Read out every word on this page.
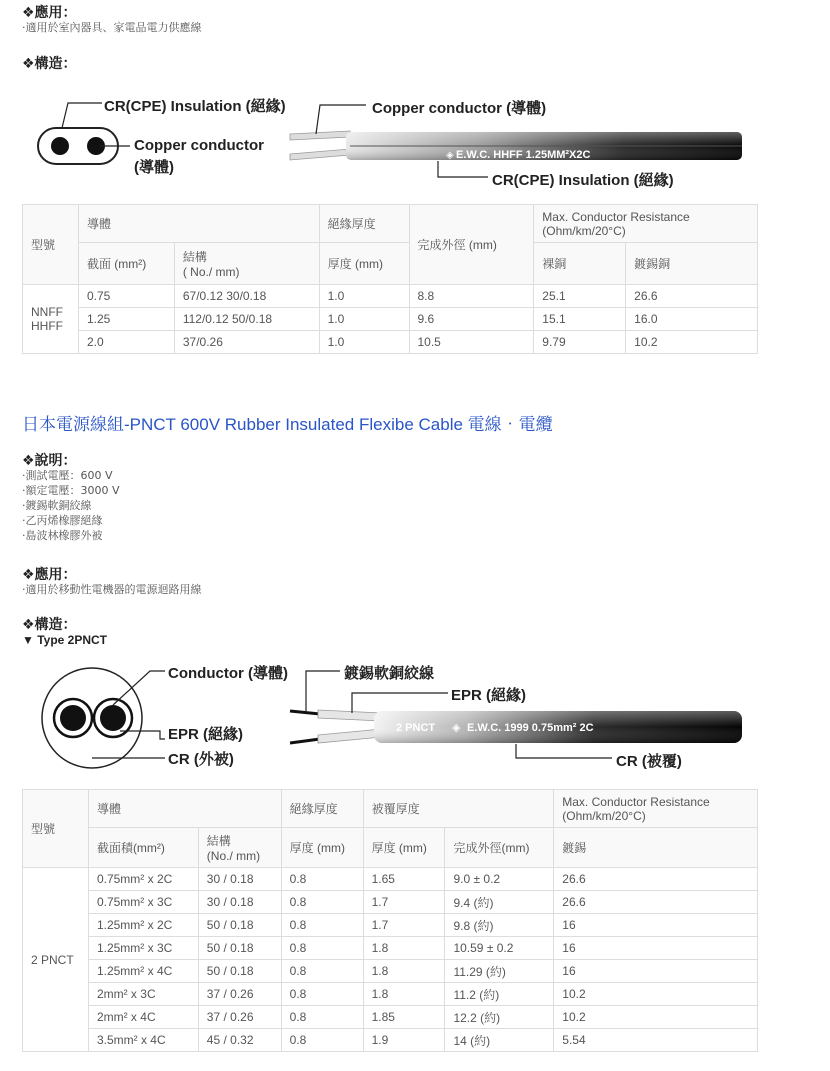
❖應用：
·適用於室內器具、家電品電力供應線
❖構造：
E.W.C. HHFF 1.25MM²X2C
◈
CR(CPE) Insulation (絕緣)
Copper conductor
(導體)
Copper conductor (導體)
CR(CPE) Insulation (絕緣)
型號	導體		絕緣厚度	完成外徑 (mm)	Max. Conductor Resistance
(Ohm/km/20°C)	
	截面 (mm²)	結構
( No./ mm)	厚度 (mm)		裸銅	鍍錫銅
NNFF
HHFF	0.75	67/0.12 30/0.18	1.0	8.8	25.1	26.6
	1.25	112/0.12 50/0.18	1.0	9.6	15.1	16.0
	2.0	37/0.26	1.0	10.5	9.79	10.2
日本電源線組-PNCT 600V Rubber Insulated Flexibe Cable 電線‧電纜
❖說明：
·測試電壓：600 V
·額定電壓：3000 V
·鍍錫軟銅絞線
·乙丙烯橡膠絕緣
·島波林橡膠外被
❖應用：
·適用於移動性電機器的電源迴路用線
❖構造：
▼ Type 2PNCT
2 PNCT ◈ E.W.C. 1999 0.75mm² 2C
Conductor (導體)
EPR (絕緣)
CR (外被)
鍍錫軟銅絞線
EPR (絕緣)
CR (被覆)
型號	導體		絕緣厚度	被覆厚度		Max. Conductor Resistance
(Ohm/km/20°C)
	截面積(mm²)	結構
(No./ mm)	厚度 (mm)	厚度 (mm)	完成外徑(mm)	鍍錫
2 PNCT	0.75mm² x 2C	30 / 0.18	0.8	1.65	9.0 ± 0.2	26.6
	0.75mm² x 3C	30 / 0.18	0.8	1.7	9.4 (約)	26.6
	1.25mm² x 2C	50 / 0.18	0.8	1.7	9.8 (約)	16
	1.25mm² x 3C	50 / 0.18	0.8	1.8	10.59 ± 0.2	16
	1.25mm² x 4C	50 / 0.18	0.8	1.8	11.29 (約)	16
	2mm² x 3C	37 / 0.26	0.8	1.8	11.2 (約)	10.2
	2mm² x 4C	37 / 0.26	0.8	1.85	12.2 (約)	10.2
	3.5mm² x 4C	45 / 0.32	0.8	1.9	14 (約)	5.54
